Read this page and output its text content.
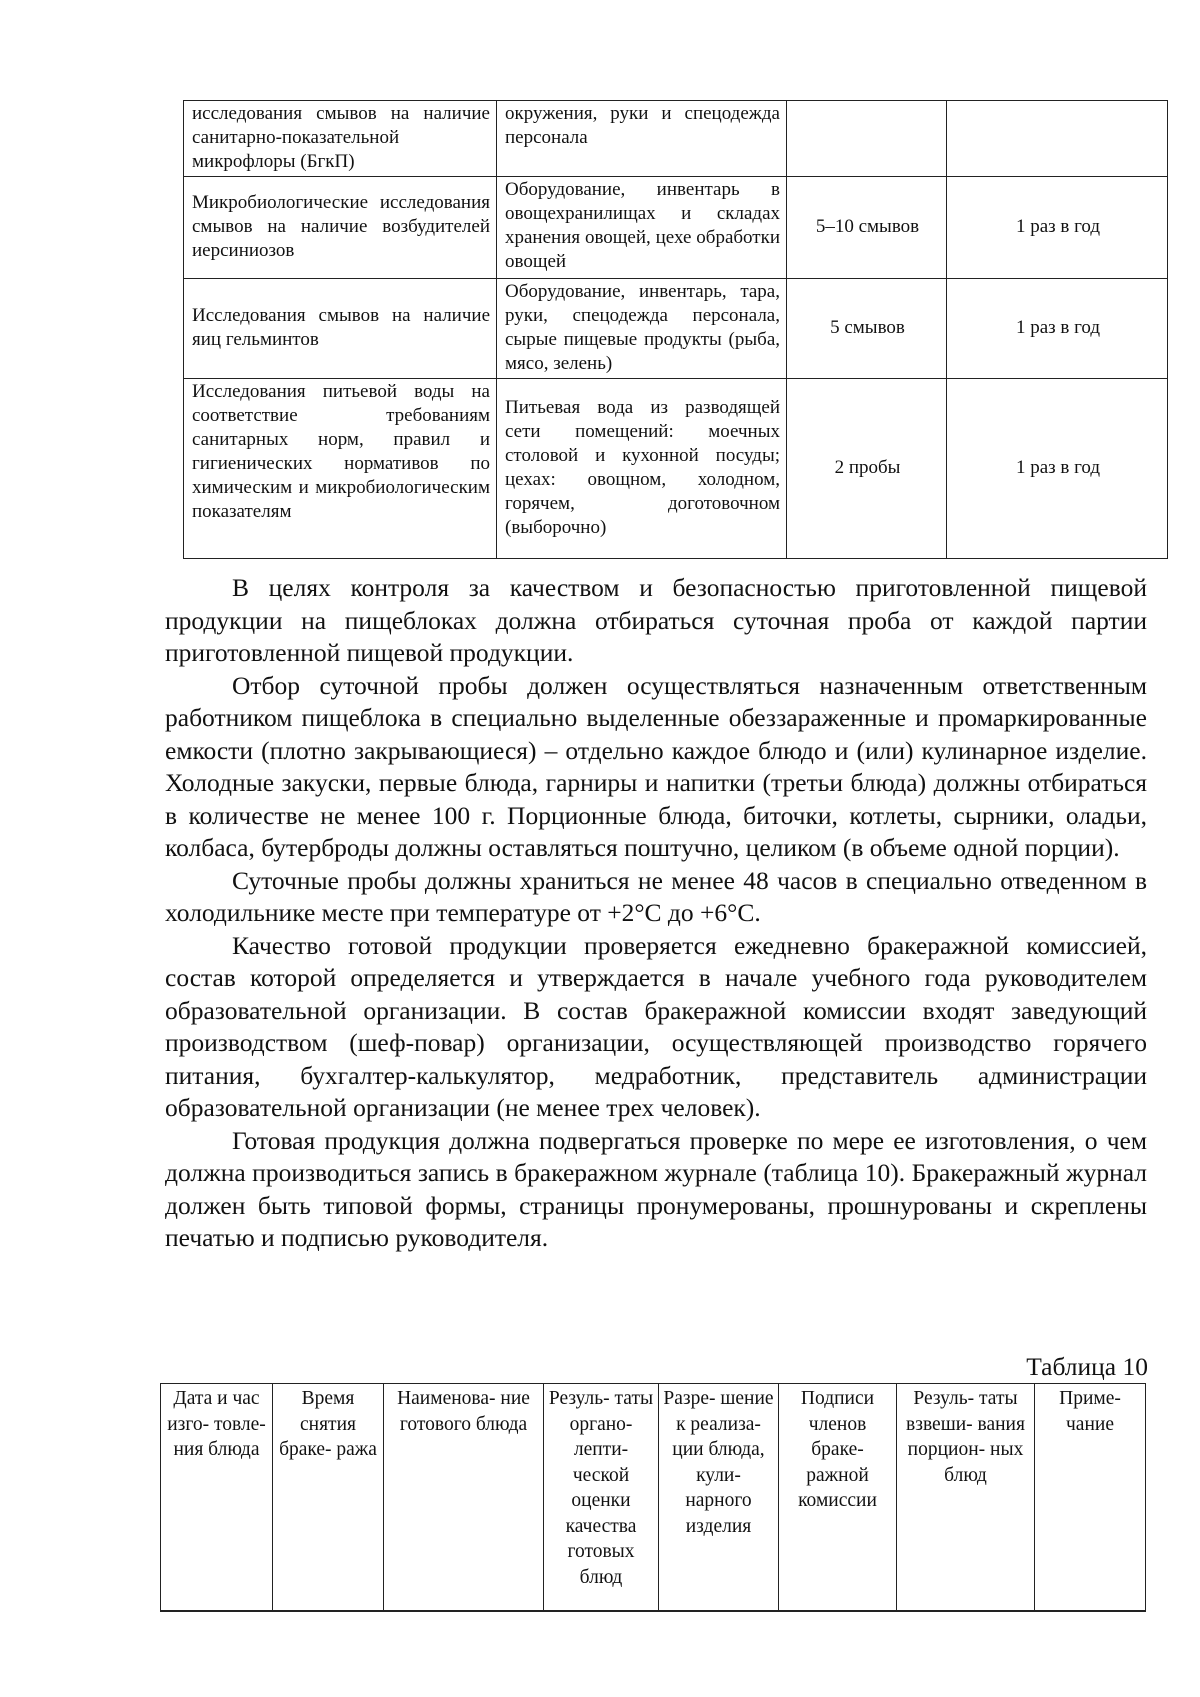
исследования смывов на наличие санитарно-показательной микрофлоры (БгкП)	окружения, руки и спецодежда персонала		
Микробиологические исследования смывов на наличие возбудителей иерсиниозов	Оборудование, инвентарь в овощехранилищах и складах хранения овощей, цехе обработки овощей	5–10 смывов	1 раз в год
Исследования смывов на наличие яиц гельминтов	Оборудование, инвентарь, тара, руки, спецодежда персонала, сырые пищевые продукты (рыба, мясо, зелень)	5 смывов	1 раз в год
Исследования питьевой воды на соответствие требованиям санитарных норм, правил и гигиенических нормативов по химическим и микробиологическим показателям	Питьевая вода из разводящей сети помещений: моечных столовой и кухонной посуды; цехах: овощном, холодном, горячем, доготовочном (выборочно)	2 пробы	1 раз в год

В целях контроля за качеством и безопасностью приготовленной пищевой продукции на пищеблоках должна отбираться суточная проба от каждой партии приготовленной пищевой продукции.

Отбор суточной пробы должен осуществляться назначенным ответственным работником пищеблока в специально выделенные обеззараженные и промаркированные емкости (плотно закрывающиеся) – отдельно каждое блюдо и (или) кулинарное изделие. Холодные закуски, первые блюда, гарниры и напитки (третьи блюда) должны отбираться в количестве не менее 100 г. Порционные блюда, биточки, котлеты, сырники, оладьи, колбаса, бутерброды должны оставляться поштучно, целиком (в объеме одной порции).

Суточные пробы должны храниться не менее 48 часов в специально отведенном в холодильнике месте при температуре от +2°С до +6°С.

Качество готовой продукции проверяется ежедневно бракеражной комиссией, состав которой определяется и утверждается в начале учебного года руководителем образовательной организации. В состав бракеражной комиссии входят заведующий производством (шеф-повар) организации, осуществляющей производство горячего питания, бухгалтер-калькулятор, медработник, представитель администрации образовательной организации (не менее трех человек).

Готовая продукция должна подвергаться проверке по мере ее изготовления, о чем должна производиться запись в бракеражном журнале (таблица 10). Бракеражный журнал должен быть типовой формы, страницы пронумерованы, прошнурованы и скреплены печатью и подписью руководителя.

Таблица 10
Дата и час изго- товле- ния блюда	Время снятия браке- ража	Наименова- ние готового блюда	Резуль- таты органо- лепти- ческой оценки качества готовых блюд	Разре- шение к реализа- ции блюда, кули- нарного изделия	Подписи членов браке- ражной комиссии	Резуль- таты взвеши- вания порцион- ных блюд	Приме- чание
